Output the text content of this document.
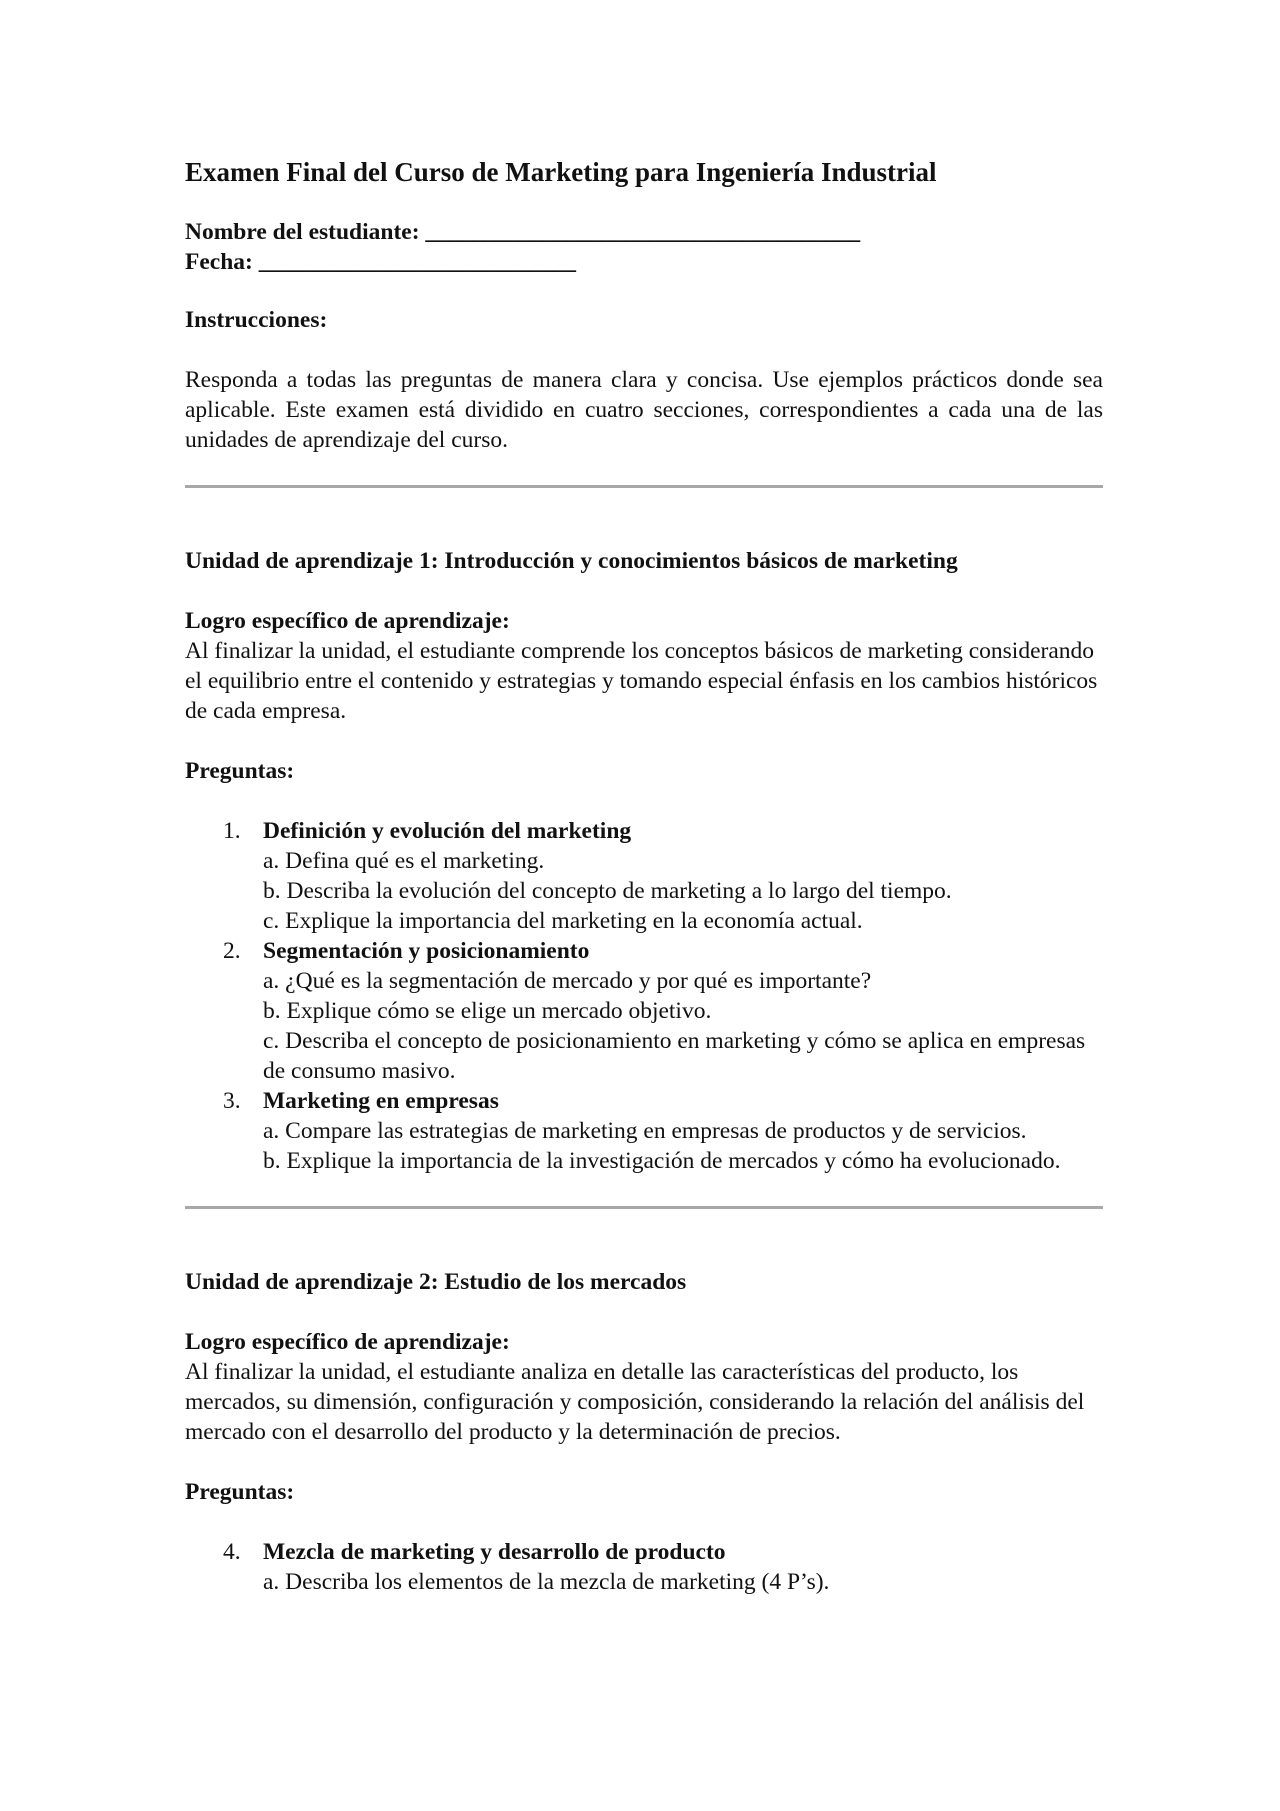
Examen Final del Curso de Marketing para Ingeniería Industrial

Nombre del estudiante: _____________________________________

Fecha: ___________________________

Instrucciones:

Responda a todas las preguntas de manera clara y concisa. Use ejemplos prácticos donde sea aplicable. Este examen está dividido en cuatro secciones, correspondientes a cada una de las unidades de aprendizaje del curso.

Unidad de aprendizaje 1: Introducción y conocimientos básicos de marketing

Logro específico de aprendizaje:

Al finalizar la unidad, el estudiante comprende los conceptos básicos de marketing considerando el equilibrio entre el contenido y estrategias y tomando especial énfasis en los cambios históricos de cada empresa.

Preguntas:

1. Definición y evolución del marketing
a. Defina qué es el marketing.
b. Describa la evolución del concepto de marketing a lo largo del tiempo.
c. Explique la importancia del marketing en la economía actual.
2. Segmentación y posicionamiento
a. ¿Qué es la segmentación de mercado y por qué es importante?
b. Explique cómo se elige un mercado objetivo.
c. Describa el concepto de posicionamiento en marketing y cómo se aplica en empresas de consumo masivo.
3. Marketing en empresas
a. Compare las estrategias de marketing en empresas de productos y de servicios.
b. Explique la importancia de la investigación de mercados y cómo ha evolucionado.

Unidad de aprendizaje 2: Estudio de los mercados

Logro específico de aprendizaje:

Al finalizar la unidad, el estudiante analiza en detalle las características del producto, los mercados, su dimensión, configuración y composición, considerando la relación del análisis del mercado con el desarrollo del producto y la determinación de precios.

Preguntas:

4. Mezcla de marketing y desarrollo de producto
a. Describa los elementos de la mezcla de marketing (4 P’s).
